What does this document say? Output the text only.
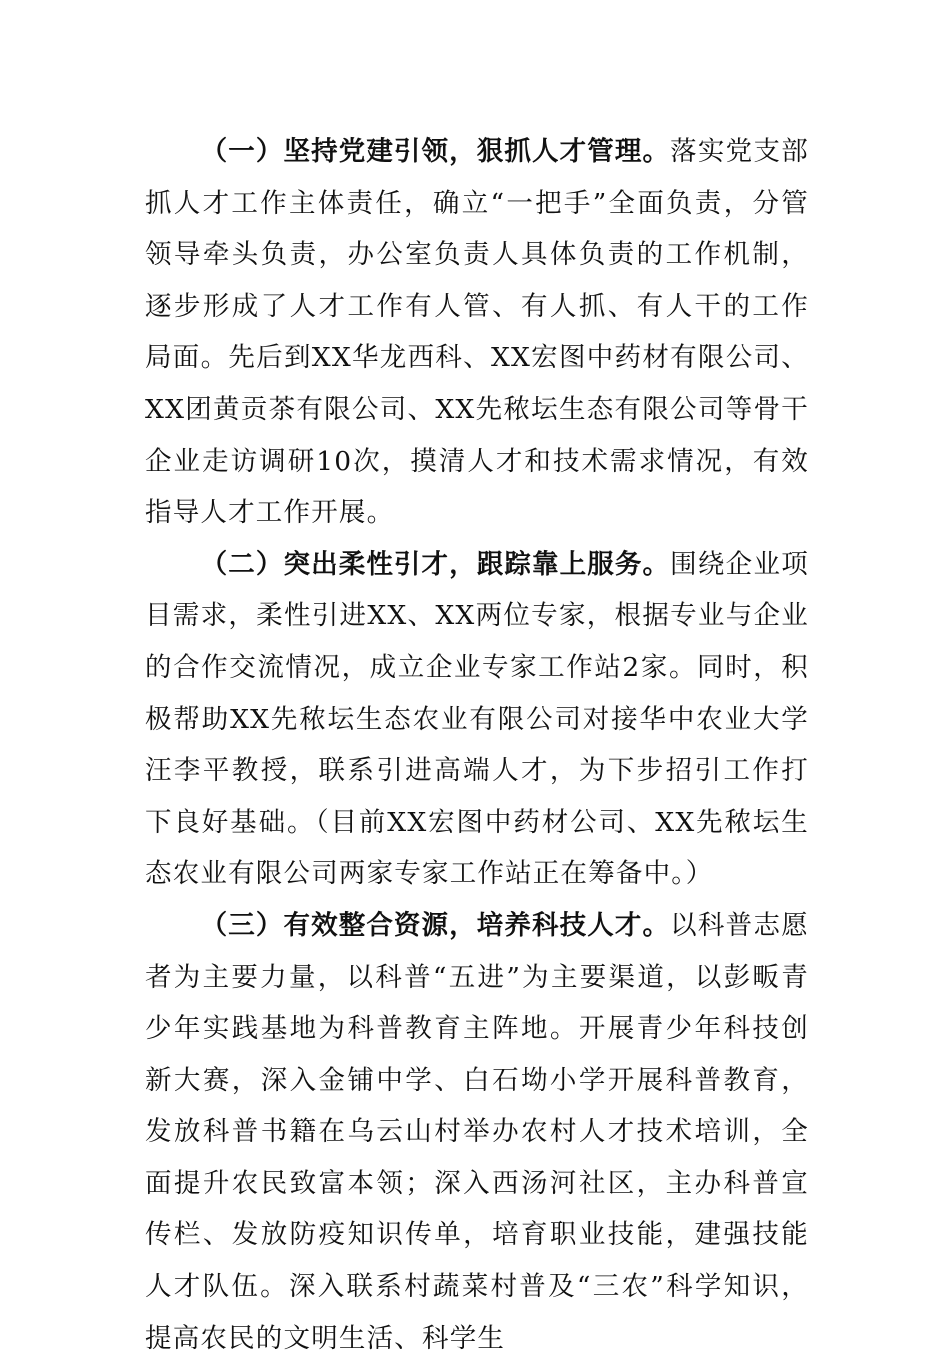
（一）坚持党建引领，狠抓人才管理。落实党支部抓人才工作主体责任，确立“一把手”全面负责，分管领导牵头负责，办公室负责人具体负责的工作机制，逐步形成了人才工作有人管、有人抓、有人干的工作局面。先后到XX华龙西科、XX宏图中药材有限公司、XX团黄贡茶有限公司、XX先秾坛生态有限公司等骨干企业走访调研10次，摸清人才和技术需求情况，有效指导人才工作开展。

（二）突出柔性引才，跟踪靠上服务。围绕企业项目需求，柔性引进XX、XX两位专家，根据专业与企业的合作交流情况，成立企业专家工作站2家。同时，积极帮助XX先秾坛生态农业有限公司对接华中农业大学汪李平教授，联系引进高端人才，为下步招引工作打下良好基础。（目前XX宏图中药材公司、XX先秾坛生态农业有限公司两家专家工作站正在筹备中。）

（三）有效整合资源，培养科技人才。以科普志愿者为主要力量，以科普“五进”为主要渠道，以彭畈青少年实践基地为科普教育主阵地。开展青少年科技创新大赛，深入金铺中学、白石坳小学开展科普教育，发放科普书籍在乌云山村举办农村人才技术培训，全面提升农民致富本领；深入西汤河社区，主办科普宣传栏、发放防疫知识传单，培育职业技能，建强技能人才队伍。深入联系村蔬菜村普及“三农”科学知识，提高农民的文明生活、科学生
